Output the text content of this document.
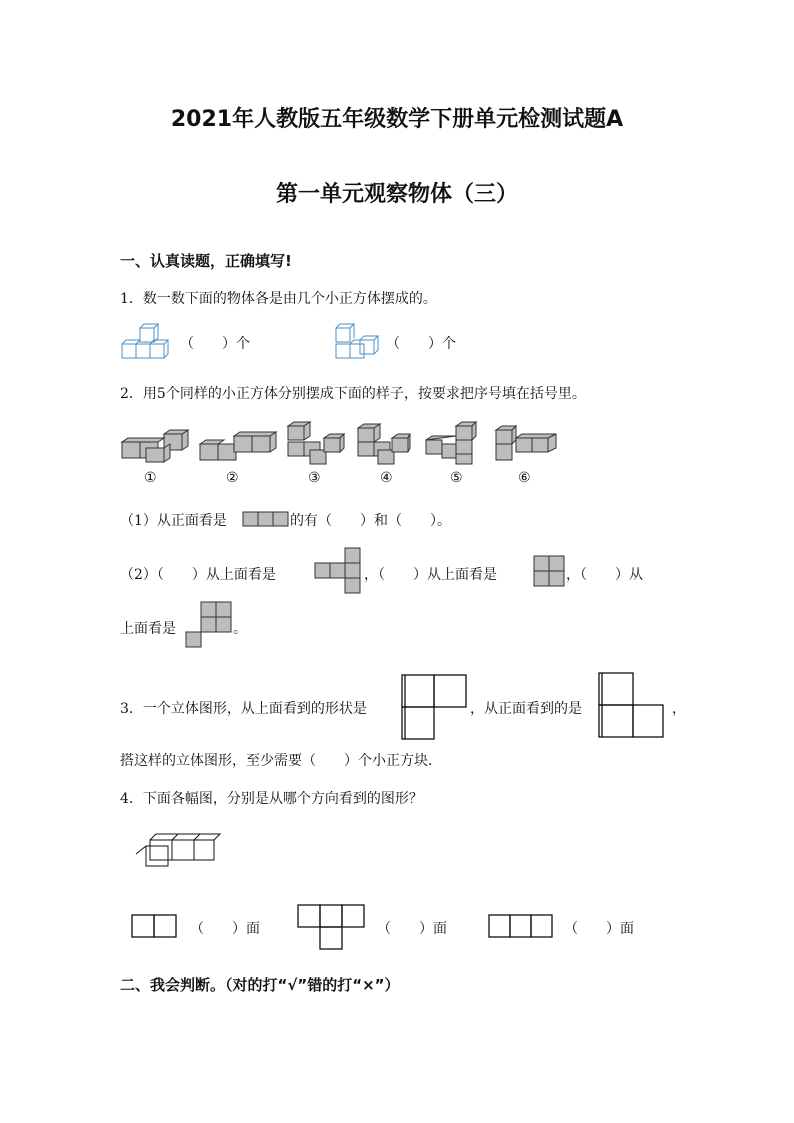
2021年人教版五年级数学下册单元检测试题A
第一单元观察物体（三）
一、认真读题，正确填写!
1．数一数下面的物体各是由几个小正方体摆成的。
（　　）个	（　　）个
2．用5个同样的小正方体分别摆成下面的样子，按要求把序号填在括号里。
①	②	③	④	⑤	⑥
（1）从正面看是	的有（　　）和（　　）。
（2）（　　）从上面看是	，（　　）从上面看是	，（　　）从
上面看是	。
3．一个立体图形，从上面看到的形状是	，从正面看到的是	，
搭这样的立体图形，至少需要（　　）个小正方块.
4．下面各幅图，分别是从哪个方向看到的图形？
（　　）面	（　　）面	（　　）面
二、我会判断。（对的打“√”错的打“×”）
